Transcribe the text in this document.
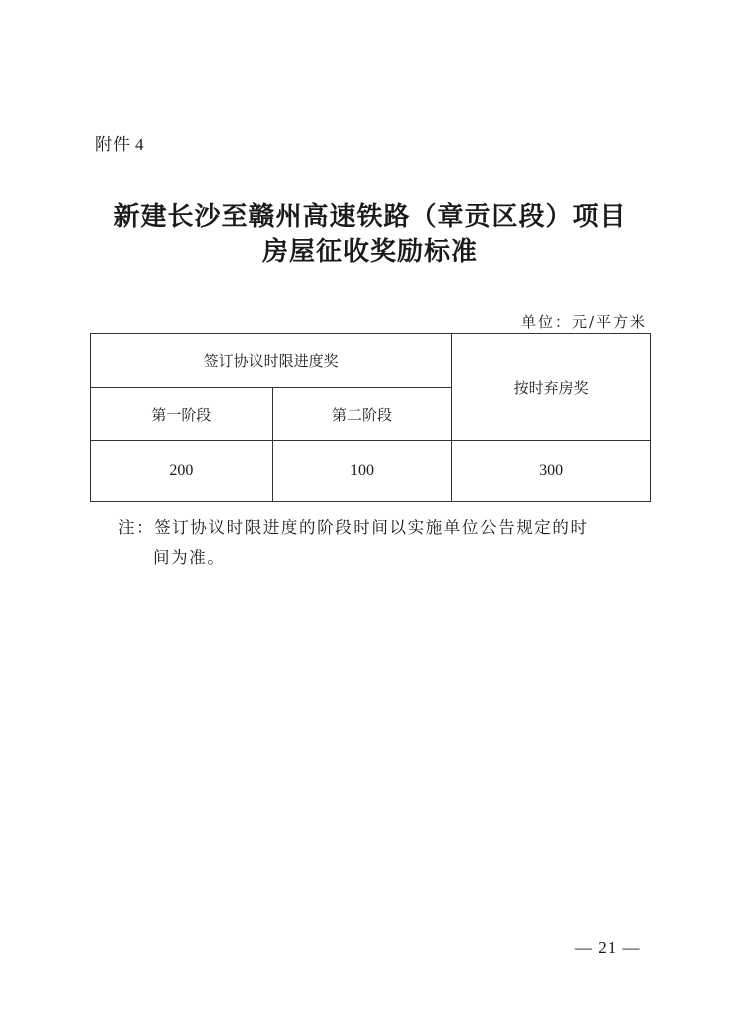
附件 4
新建长沙至赣州高速铁路（章贡区段）项目
房屋征收奖励标准
单位：元/平方米
签订协议时限进度奖		按时弃房奖
第一阶段	第二阶段	
200	100	300
注：签订协议时限进度的阶段时间以实施单位公告规定的时
间为准。
— 21 —
